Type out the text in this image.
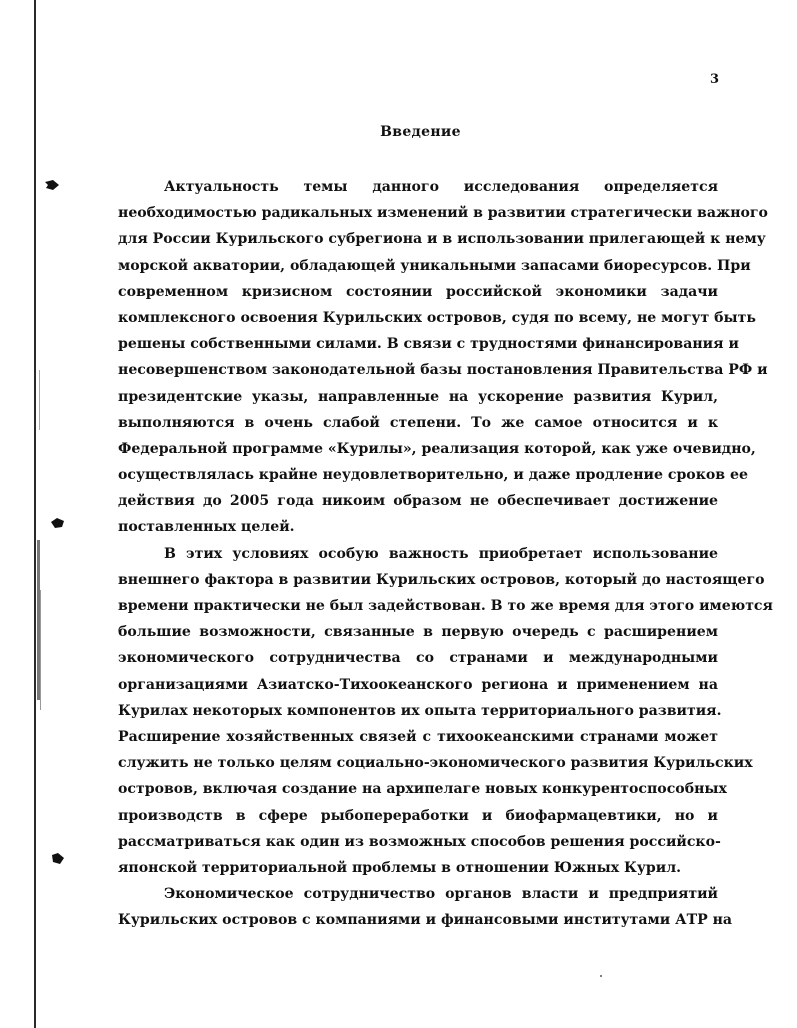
3
Введение
Актуальность темы данного исследования определяется
необходимостью радикальных изменений в развитии стратегически важного
для России Курильского субрегиона и в использовании прилегающей к нему
морской акватории, обладающей уникальными запасами биоресурсов. При
современном кризисном состоянии российской экономики задачи
комплексного освоения Курильских островов, судя по всему, не могут быть
решены собственными силами. В связи с трудностями финансирования и
несовершенством законодательной базы постановления Правительства РФ и
президентские указы, направленные на ускорение развития Курил,
выполняются в очень слабой степени. То же самое относится и к
Федеральной программе «Курилы», реализация которой, как уже очевидно,
осуществлялась крайне неудовлетворительно, и даже продление сроков ее
действия до 2005 года никоим образом не обеспечивает достижение
поставленных целей.
В этих условиях особую важность приобретает использование
внешнего фактора в развитии Курильских островов, который до настоящего
времени практически не был задействован. В то же время для этого имеются
большие возможности, связанные в первую очередь с расширением
экономического сотрудничества со странами и международными
организациями Азиатско-Тихоокеанского региона и применением на
Курилах некоторых компонентов их опыта территориального развития.
Расширение хозяйственных связей с тихоокеанскими странами может
служить не только целям социально-экономического развития Курильских
островов, включая создание на архипелаге новых конкурентоспособных
производств в сфере рыбопереработки и биофармацевтики, но и
рассматриваться как один из возможных способов решения российско-
японской территориальной проблемы в отношении Южных Курил.
Экономическое сотрудничество органов власти и предприятий
Курильских островов с компаниями и финансовыми институтами АТР на
